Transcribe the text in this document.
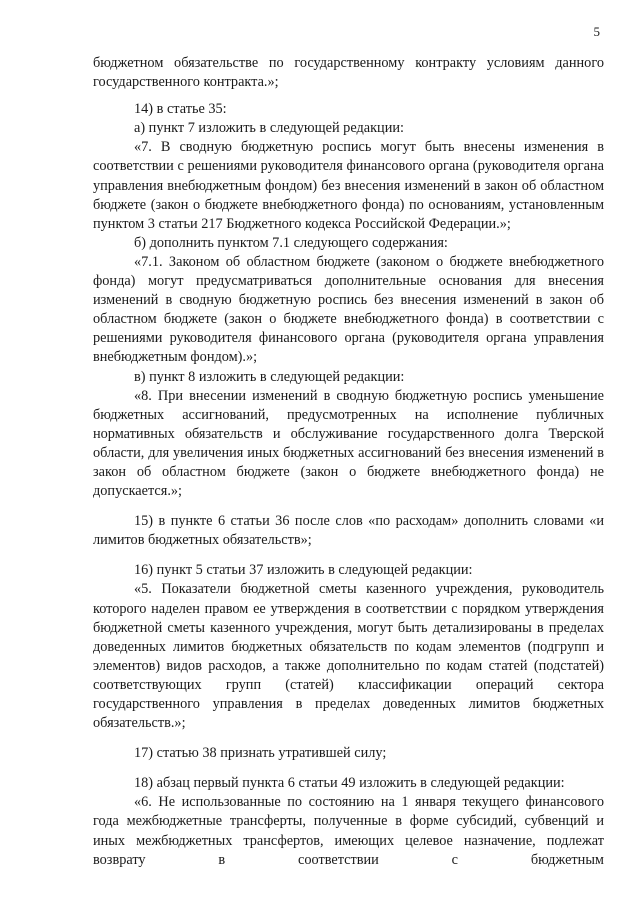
5

бюджетном обязательстве по государственному контракту условиям данного государственного контракта.»;

14) в статье 35:

а) пункт 7 изложить в следующей редакции:

«7. В сводную бюджетную роспись могут быть внесены изменения в соответствии с решениями руководителя финансового органа (руководителя органа управления внебюджетным фондом) без внесения изменений в закон об областном бюджете (закон о бюджете внебюджетного фонда) по основаниям, установленным пунктом 3 статьи 217 Бюджетного кодекса Российской Федерации.»;

б) дополнить пунктом 7.1 следующего содержания:

«7.1. Законом об областном бюджете (законом о бюджете внебюджетного фонда) могут предусматриваться дополнительные основания для внесения изменений в сводную бюджетную роспись без внесения изменений в закон об областном бюджете (закон о бюджете внебюджетного фонда) в соответствии с решениями руководителя финансового органа (руководителя органа управления внебюджетным фондом).»;

в) пункт 8 изложить в следующей редакции:

«8. При внесении изменений в сводную бюджетную роспись уменьшение бюджетных ассигнований, предусмотренных на исполнение публичных нормативных обязательств и обслуживание государственного долга Тверской области, для увеличения иных бюджетных ассигнований без внесения изменений в закон об областном бюджете (закон о бюджете внебюджетного фонда) не допускается.»;

15) в пункте 6 статьи 36 после слов «по расходам» дополнить словами «и лимитов бюджетных обязательств»;

16) пункт 5 статьи 37 изложить в следующей редакции:

«5. Показатели бюджетной сметы казенного учреждения, руководитель которого наделен правом ее утверждения в соответствии с порядком утверждения бюджетной сметы казенного учреждения, могут быть детализированы в пределах доведенных лимитов бюджетных обязательств по кодам элементов (подгрупп и элементов) видов расходов, а также дополнительно по кодам статей (подстатей) соответствующих групп (статей) классификации операций сектора государственного управления в пределах доведенных лимитов бюджетных обязательств.»;

17) статью 38 признать утратившей силу;

18) абзац первый пункта 6 статьи 49 изложить в следующей редакции:

«6. Не использованные по состоянию на 1 января текущего финансового года межбюджетные трансферты, полученные в форме субсидий, субвенций и иных межбюджетных трансфертов, имеющих целевое назначение, подлежат возврату в соответствии с бюджетным
